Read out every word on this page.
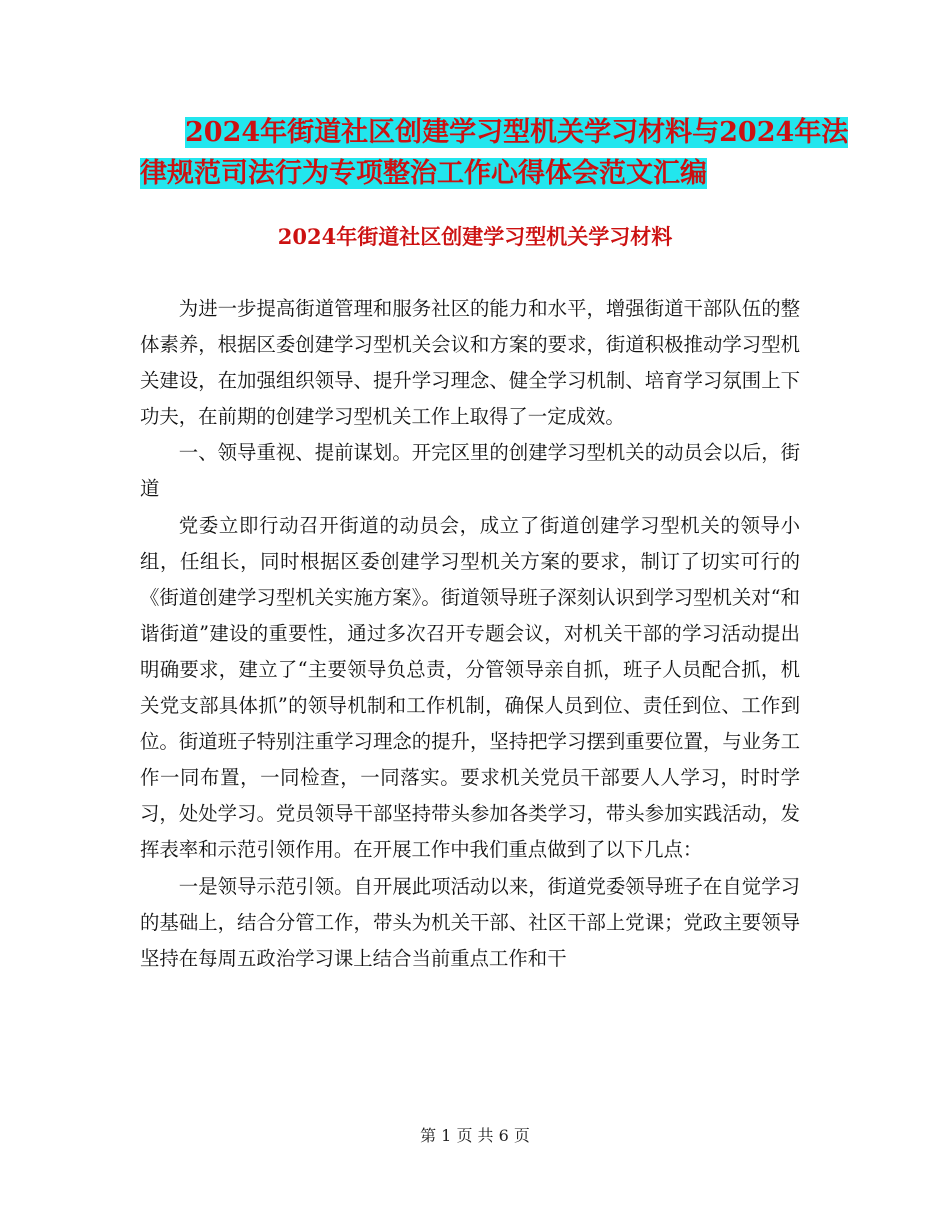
2024年街道社区创建学习型机关学习材料与2024年法
律规范司法行为专项整治工作心得体会范文汇编
2024年街道社区创建学习型机关学习材料

为进一步提高街道管理和服务社区的能力和水平，增强街道干部队伍的整体素养，根据区委创建学习型机关会议和方案的要求，街道积极推动学习型机关建设，在加强组织领导、提升学习理念、健全学习机制、培育学习氛围上下功夫，在前期的创建学习型机关工作上取得了一定成效。

一、领导重视、提前谋划。开完区里的创建学习型机关的动员会以后，街道

党委立即行动召开街道的动员会，成立了街道创建学习型机关的领导小组，任组长，同时根据区委创建学习型机关方案的要求，制订了切实可行的《街道创建学习型机关实施方案》。街道领导班子深刻认识到学习型机关对“和谐街道”建设的重要性，通过多次召开专题会议，对机关干部的学习活动提出明确要求，建立了“主要领导负总责，分管领导亲自抓，班子人员配合抓，机关党支部具体抓”的领导机制和工作机制，确保人员到位、责任到位、工作到位。街道班子特别注重学习理念的提升，坚持把学习摆到重要位置，与业务工作一同布置，一同检查，一同落实。要求机关党员干部要人人学习，时时学习，处处学习。党员领导干部坚持带头参加各类学习，带头参加实践活动，发挥表率和示范引领作用。在开展工作中我们重点做到了以下几点：

一是领导示范引领。自开展此项活动以来，街道党委领导班子在自觉学习的基础上，结合分管工作，带头为机关干部、社区干部上党课；党政主要领导坚持在每周五政治学习课上结合当前重点工作和干

第 1 页 共 6 页
